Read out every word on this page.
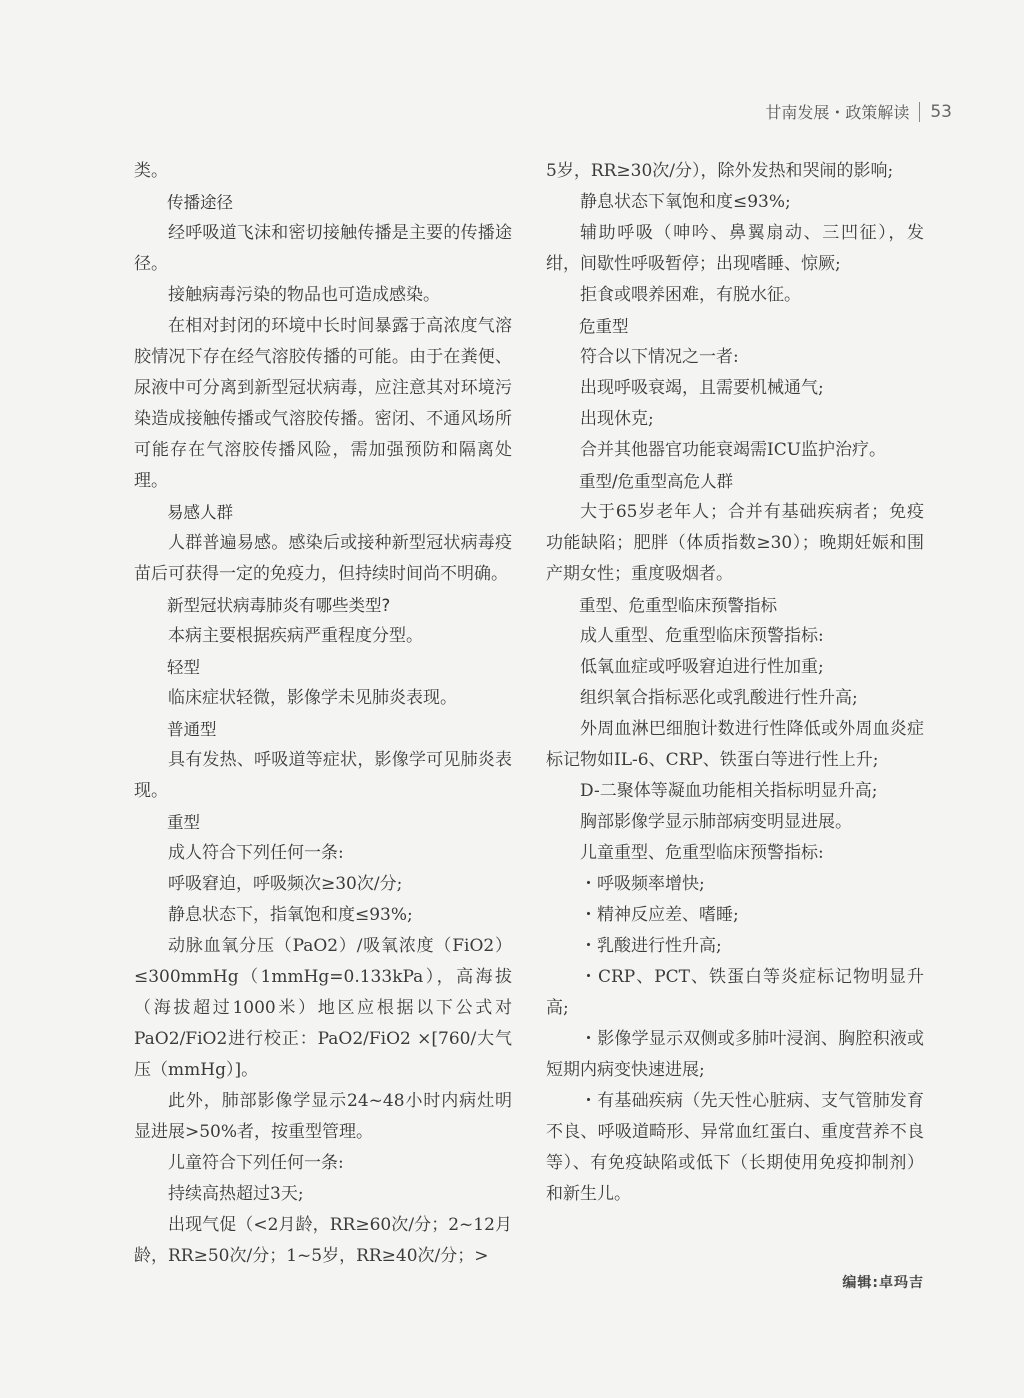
甘南发展・政策解读 53

类。

传播途径

经呼吸道飞沫和密切接触传播是主要的传播途径。

接触病毒污染的物品也可造成感染。

在相对封闭的环境中长时间暴露于高浓度气溶胶情况下存在经气溶胶传播的可能。由于在粪便、尿液中可分离到新型冠状病毒，应注意其对环境污染造成接触传播或气溶胶传播。密闭、不通风场所可能存在气溶胶传播风险，需加强预防和隔离处理。

易感人群

人群普遍易感。感染后或接种新型冠状病毒疫苗后可获得一定的免疫力，但持续时间尚不明确。

新型冠状病毒肺炎有哪些类型?

本病主要根据疾病严重程度分型。

轻型

临床症状轻微，影像学未见肺炎表现。

普通型

具有发热、呼吸道等症状，影像学可见肺炎表现。

重型

成人符合下列任何一条:

呼吸窘迫，呼吸频次≥30次/分;

静息状态下，指氧饱和度≤93%;

动脉血氧分压（PaO2）/吸氧浓度（FiO2）≤300mmHg（1mmHg=0.133kPa），高海拔（海拔超过1000米）地区应根据以下公式对PaO2/FiO2进行校正：PaO2/FiO2 ×[760/大气压（mmHg）]。

此外，肺部影像学显示24~48小时内病灶明显进展>50%者，按重型管理。

儿童符合下列任何一条:

持续高热超过3天;

出现气促（<2月龄，RR≥60次/分；2~12月龄，RR≥50次/分；1~5岁，RR≥40次/分；>

5岁，RR≥30次/分），除外发热和哭闹的影响;

静息状态下氧饱和度≤93%;

辅助呼吸（呻吟、鼻翼扇动、三凹征），发绀，间歇性呼吸暂停；出现嗜睡、惊厥;

拒食或喂养困难，有脱水征。

危重型

符合以下情况之一者:

出现呼吸衰竭，且需要机械通气;

出现休克;

合并其他器官功能衰竭需ICU监护治疗。

重型/危重型高危人群

大于65岁老年人；合并有基础疾病者；免疫功能缺陷；肥胖（体质指数≥30）；晚期妊娠和围产期女性；重度吸烟者。

重型、危重型临床预警指标

成人重型、危重型临床预警指标:

低氧血症或呼吸窘迫进行性加重;

组织氧合指标恶化或乳酸进行性升高;

外周血淋巴细胞计数进行性降低或外周血炎症标记物如IL-6、CRP、铁蛋白等进行性上升;

D-二聚体等凝血功能相关指标明显升高;

胸部影像学显示肺部病变明显进展。

儿童重型、危重型临床预警指标:

・呼吸频率增快;

・精神反应差、嗜睡;

・乳酸进行性升高;

・CRP、PCT、铁蛋白等炎症标记物明显升高;

・影像学显示双侧或多肺叶浸润、胸腔积液或短期内病变快速进展;

・有基础疾病（先天性心脏病、支气管肺发育不良、呼吸道畸形、异常血红蛋白、重度营养不良等）、有免疫缺陷或低下（长期使用免疫抑制剂）和新生儿。

编辑:卓玛吉
